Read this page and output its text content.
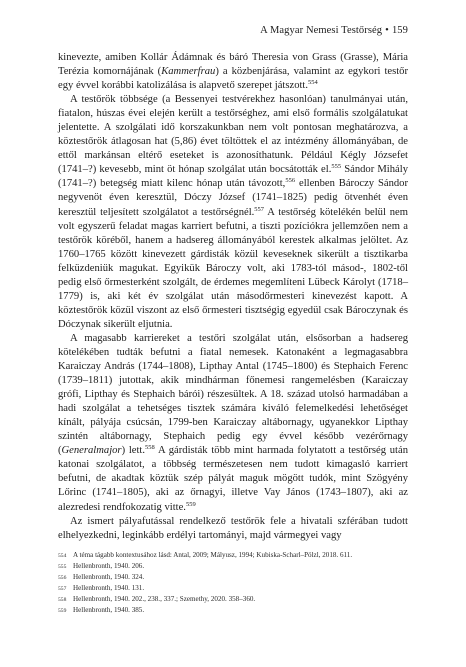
A Magyar Nemesi Testőrség • 159

kinevezte, amiben Kollár Ádámnak és báró Theresia von Grass (Grasse), Mária Terézia komornájának (Kammerfrau) a közbenjárása, valamint az egykori testőr egy évvel korábbi katolizálása is alapvető szerepet játszott.$^{554}$

A testőrök többsége (a Bessenyei testvérekhez hasonlóan) tanulmányai után, fiatalon, húszas évei elején került a testőrséghez, ami első formális szolgálatukat jelentette. A szolgálati idő korszakunkban nem volt pontosan meghatározva, a köztestőrök átlagosan hat (5,86) évet töltöttek el az intézmény állományában, de ettől markánsan eltérő eseteket is azonosíthatunk. Például Kégly Józsefet (1741–?) kevesebb, mint öt hónap szolgálat után bocsátották el.$^{555}$ Sándor Mihály (1741–?) betegség miatt kilenc hónap után távozott,$^{556}$ ellenben Bároczy Sándor negyvenöt éven keresztül, Dóczy József (1741–1825) pedig ötvenhét éven keresztül teljesített szolgálatot a testőrségnél.$^{557}$ A testőrség kötelékén belül nem volt egyszerű feladat magas karriert befutni, a tiszti pozíciókra jellemzően nem a testőrök köréből, hanem a hadsereg állományából kerestek alkalmas jelöltet. Az 1760–1765 között kinevezett gárdisták közül keveseknek sikerült a tisztikarba felküzdeniük magukat. Egyikük Bároczy volt, aki 1783-tól másod-, 1802-től pedig első őrmesterként szolgált, de érdemes megemlíteni Lübeck Károlyt (1718–1779) is, aki két év szolgálat után másodőrmesteri kinevezést kapott. A köztestőrök közül viszont az első őrmesteri tisztségig egyedül csak Bároczynak és Dóczynak sikerült eljutnia.

A magasabb karriereket a testőri szolgálat után, elsősorban a hadsereg kötelékében tudták befutni a fiatal nemesek. Katonaként a legmagasabbra Karaiczay András (1744–1808), Lipthay Antal (1745–1800) és Stephaich Ferenc (1739–1811) jutottak, akik mindhárman főnemesi rangemelésben (Karaiczay grófi, Lipthay és Stephaich bárói) részesültek. A 18. század utolsó harmadában a hadi szolgálat a tehetséges tisztek számára kiváló felemelkedési lehetőséget kínált, pályája csúcsán, 1799-ben Karaiczay altábornagy, ugyanekkor Lipthay szintén altábornagy, Stephaich pedig egy évvel később vezérőrnagy (Generalmajor) lett.$^{558}$ A gárdisták több mint harmada folytatott a testőrség után katonai szolgálatot, a többség természetesen nem tudott kimagasló karriert befutni, de akadtak köztük szép pályát maguk mögött tudók, mint Szögyény Lőrinc (1741–1805), aki az őrnagyi, illetve Vay János (1743–1807), aki az alezredesi rendfokozatig vitte.$^{559}$

Az ismert pályafutással rendelkező testőrök fele a hivatali szférában tudott elhelyezkedni, leginkább erdélyi tartományi, majd vármegyei vagy

554 A téma tágabb kontextusához lásd: Antal, 2009; Mályusz, 1994; Kubiska-Scharl–Pölzl, 2018. 611.
555 Hellenbronth, 1940. 206.
556 Hellenbronth, 1940. 324.
557 Hellenbronth, 1940. 131.
558 Hellenbronth, 1940. 202., 238., 337.; Szemethy, 2020. 358–360.
559 Hellenbronth, 1940. 385.
